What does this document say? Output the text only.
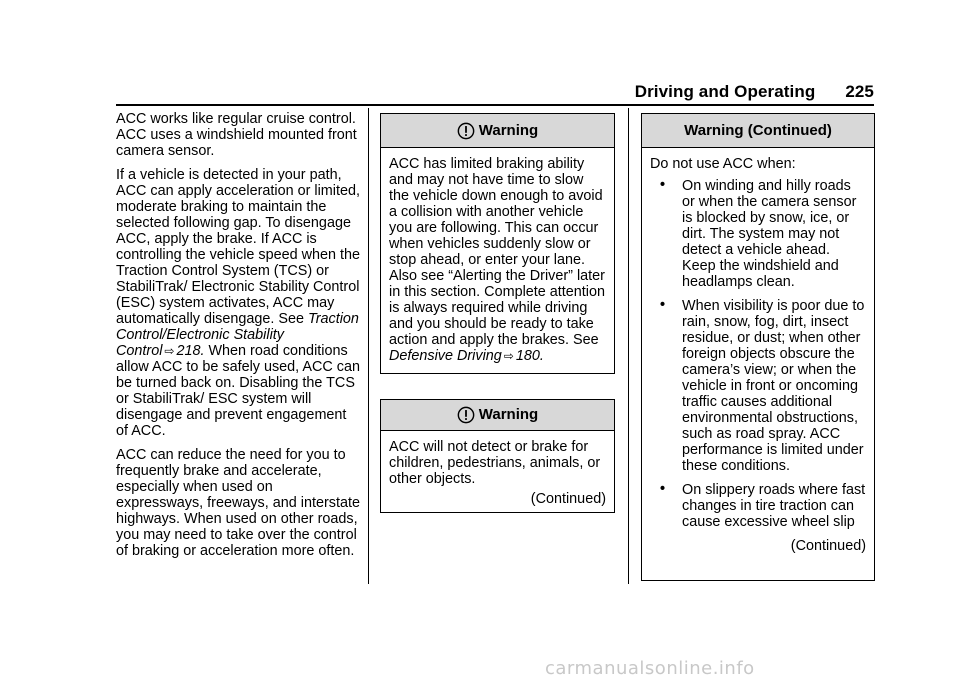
Driving and Operating 225

ACC works like regular cruise control. ACC uses a windshield mounted front camera sensor.

If a vehicle is detected in your path, ACC can apply acceleration or limited, moderate braking to maintain the selected following gap. To disengage ACC, apply the brake. If ACC is controlling the vehicle speed when the Traction Control System (TCS) or StabiliTrak/ Electronic Stability Control (ESC) system activates, ACC may automatically disengage. See Traction Control/Electronic Stability Control ⇨ 218. When road conditions allow ACC to be safely used, ACC can be turned back on. Disabling the TCS or StabiliTrak/ ESC system will disengage and prevent engagement of ACC.

ACC can reduce the need for you to frequently brake and accelerate, especially when used on expressways, freeways, and interstate highways. When used on other roads, you may need to take over the control of braking or acceleration more often.

Warning

ACC has limited braking ability and may not have time to slow the vehicle down enough to avoid a collision with another vehicle you are following. This can occur when vehicles suddenly slow or stop ahead, or enter your lane. Also see “Alerting the Driver” later in this section. Complete attention is always required while driving and you should be ready to take action and apply the brakes. See Defensive Driving ⇨ 180.

Warning

ACC will not detect or brake for children, pedestrians, animals, or other objects.

(Continued)
Warning (Continued)

Do not use ACC when:

• On winding and hilly roads or when the camera sensor is blocked by snow, ice, or dirt. The system may not detect a vehicle ahead. Keep the windshield and headlamps clean.
• When visibility is poor due to rain, snow, fog, dirt, insect residue, or dust; when other foreign objects obscure the camera’s view; or when the vehicle in front or oncoming traffic causes additional environmental obstructions, such as road spray. ACC performance is limited under these conditions.
• On slippery roads where fast changes in tire traction can cause excessive wheel slip
(Continued)
carmanualsonline.info
